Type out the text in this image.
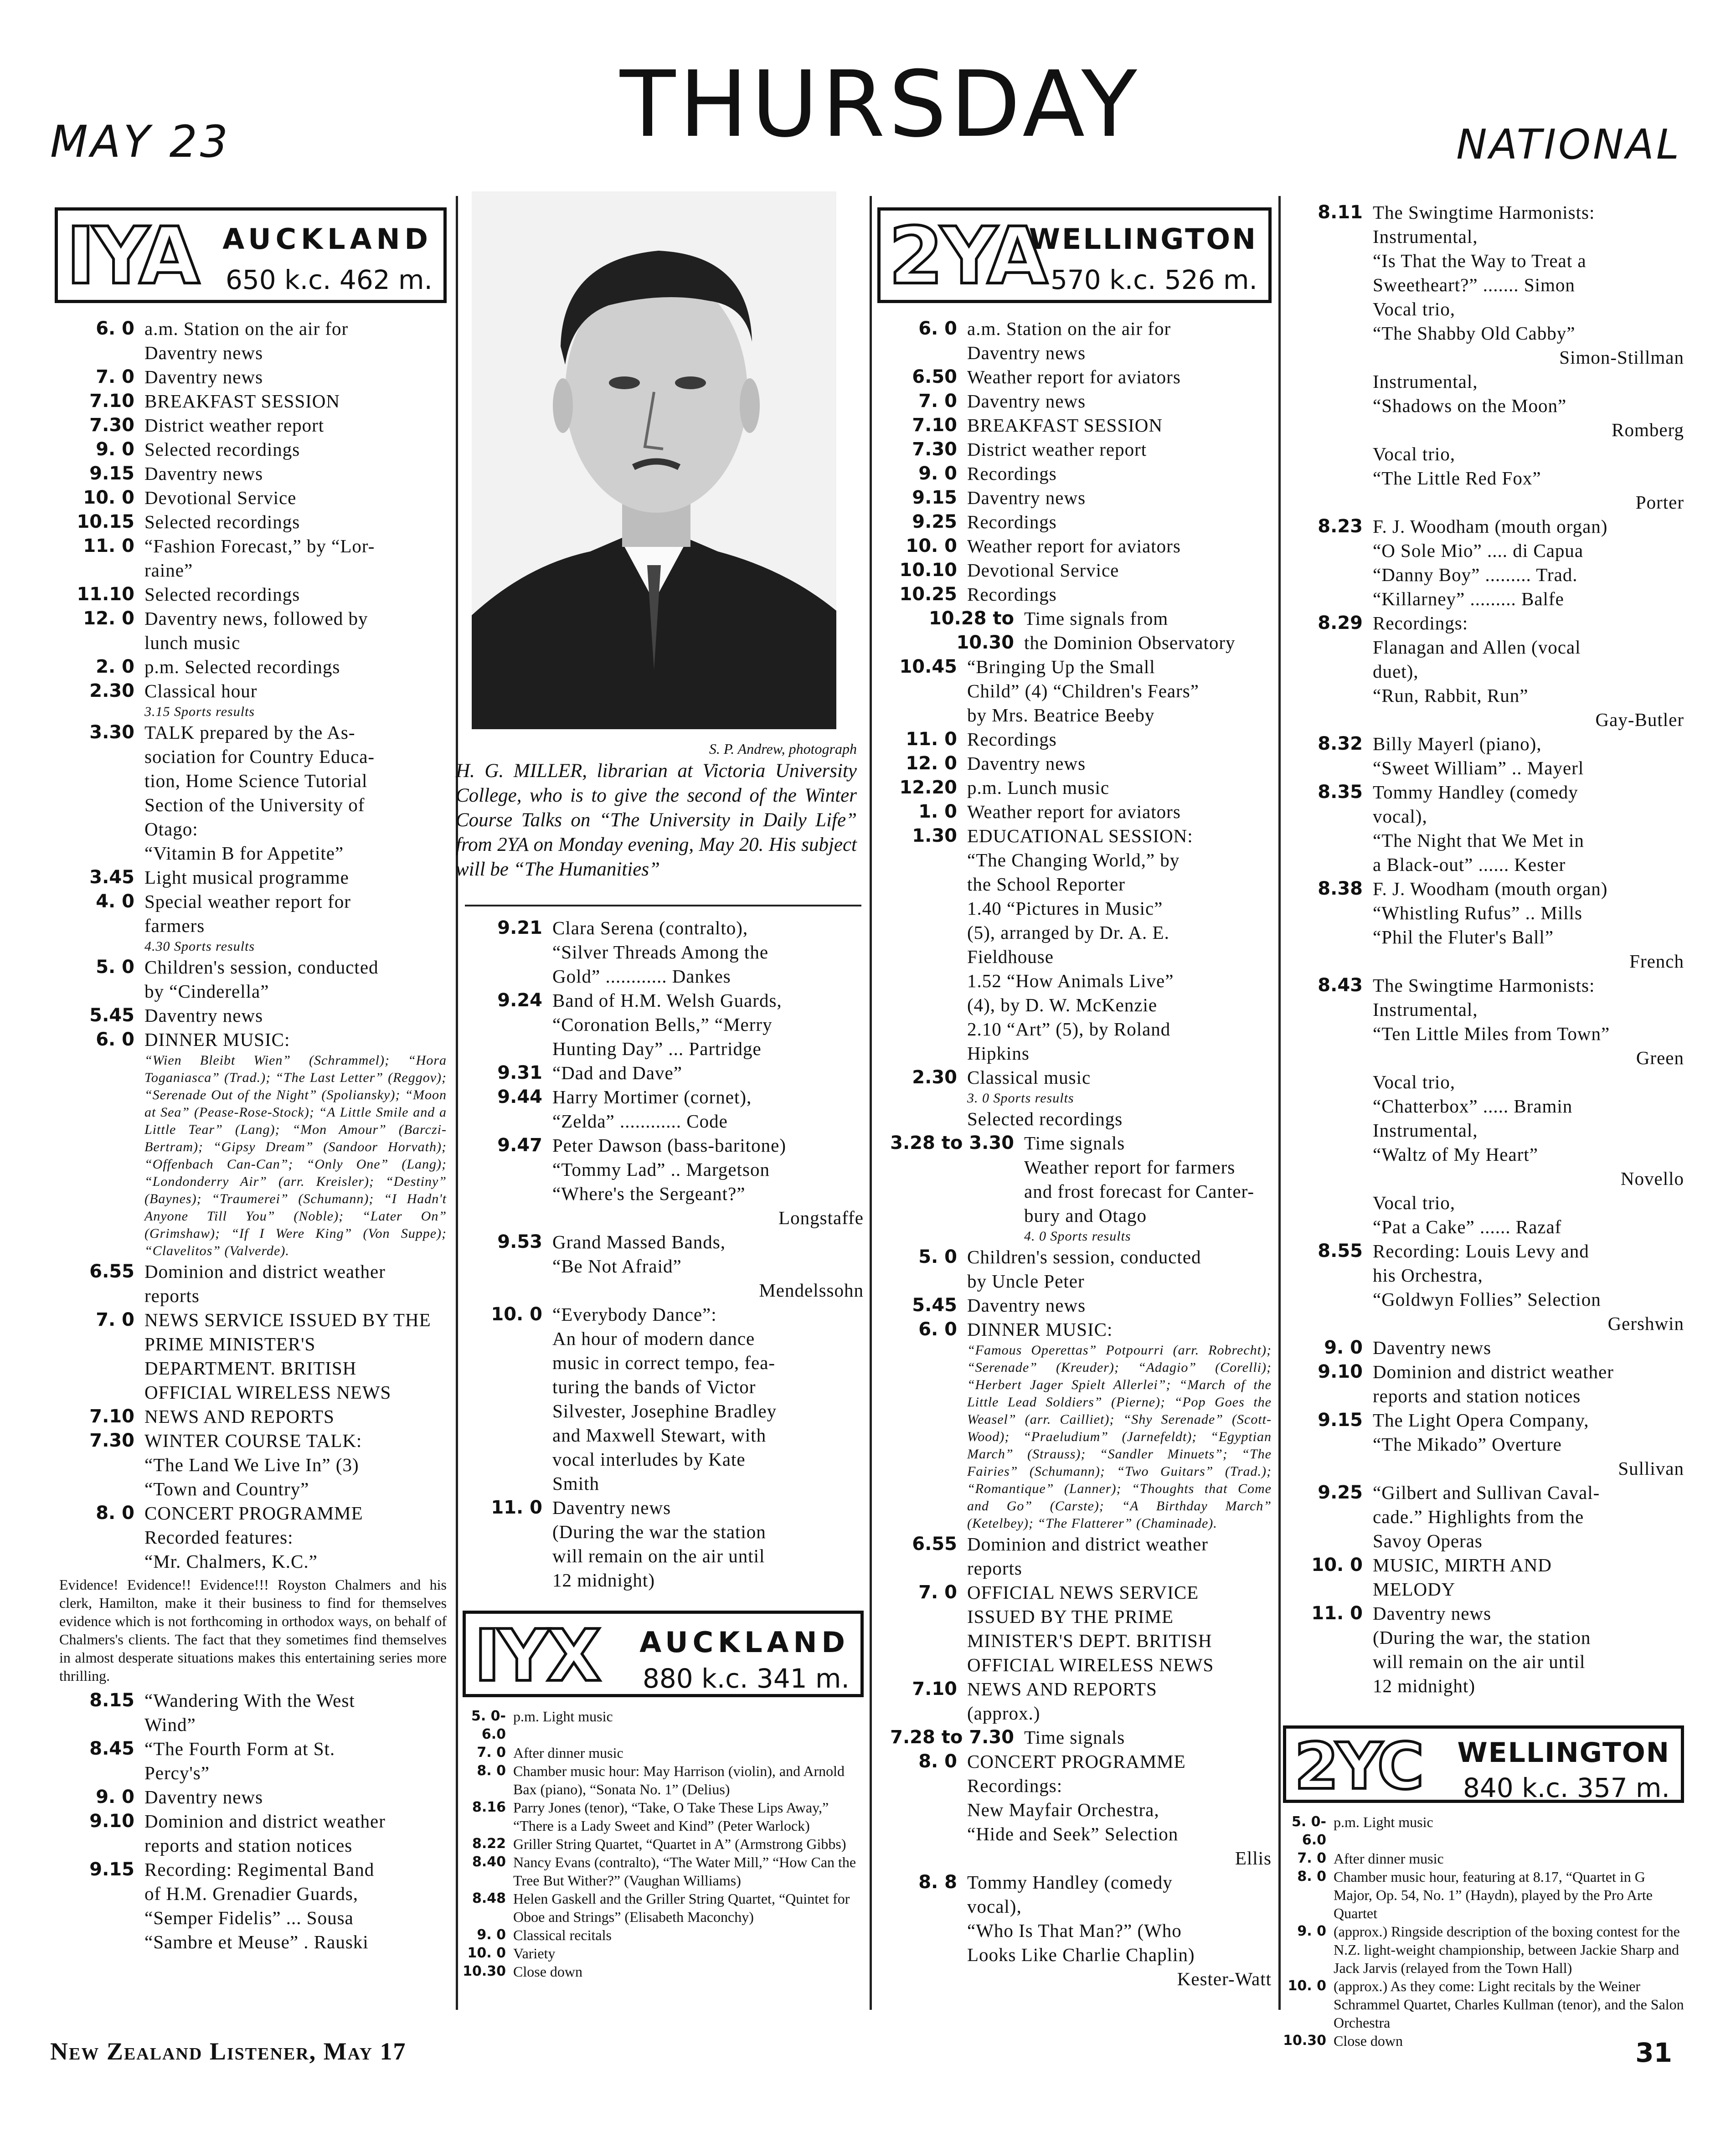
MAY 23	THURSDAY	NATIONAL
IYA AUCKLAND
650 k.c. 462 m.
6. 0 a.m. Station on the air for
Daventry news
7. 0 Daventry news
7.10 BREAKFAST SESSION
7.30 District weather report
9. 0 Selected recordings
9.15 Daventry news
10. 0 Devotional Service
10.15 Selected recordings
11. 0 “Fashion Forecast,” by “Lor-
raine”
11.10 Selected recordings
12. 0 Daventry news, followed by
lunch music
2. 0 p.m. Selected recordings
2.30 Classical hour
3.15 Sports results
3.30 TALK prepared by the As-
sociation for Country Educa-
tion, Home Science Tutorial
Section of the University of
Otago:
“Vitamin B for Appetite”
3.45 Light musical programme
4. 0 Special weather report for
farmers
4.30 Sports results
5. 0 Children's session, conducted
by “Cinderella”
5.45 Daventry news
6. 0 DINNER MUSIC:
“Wien Bleibt Wien” (Schrammel); “Hora Toganiasca” (Trad.); “The Last Letter” (Reggov); “Serenade Out of the Night” (Spoliansky); “Moon at Sea” (Pease-Rose-Stock); “A Little Smile and a Little Tear” (Lang); “Mon Amour” (Barczi-Bertram); “Gipsy Dream” (Sandoor Horvath); “Offenbach Can-Can”; “Only One” (Lang); “Londonderry Air” (arr. Kreisler); “Destiny” (Baynes); “Traumerei” (Schumann); “I Hadn't Anyone Till You” (Noble); “Later On” (Grimshaw); “If I Were King” (Von Suppe); “Clavelitos” (Valverde).
6.55 Dominion and district weather
reports
7. 0 NEWS SERVICE ISSUED BY THE PRIME MINISTER'S DEPARTMENT. BRITISH OFFICIAL WIRELESS NEWS
7.10 NEWS AND REPORTS
7.30 WINTER COURSE TALK:
“The Land We Live In” (3)
“Town and Country”
8. 0 CONCERT PROGRAMME
Recorded features:
“Mr. Chalmers, K.C.”
Evidence! Evidence!! Evidence!!! Royston Chalmers and his clerk, Hamilton, make it their business to find for themselves evidence which is not forthcoming in orthodox ways, on behalf of Chalmers's clients. The fact that they sometimes find themselves in almost desperate situations makes this entertaining series more thrilling.
8.15 “Wandering With the West
Wind”
8.45 “The Fourth Form at St.
Percy's”
9. 0 Daventry news
9.10 Dominion and district weather
reports and station notices
9.15 Recording: Regimental Band
of H.M. Grenadier Guards,
“Semper Fidelis” ... Sousa
“Sambre et Meuse” . Rauski
S. P. Andrew, photograph
H. G. MILLER, librarian at Victoria University College, who is to give the second of the Winter Course Talks on “The University in Daily Life” from 2YA on Monday evening, May 20. His subject will be “The Humanities”
9.21 Clara Serena (contralto),
“Silver Threads Among the
Gold” ............ Dankes
9.24 Band of H.M. Welsh Guards,
“Coronation Bells,” “Merry
Hunting Day” ... Partridge
9.31 “Dad and Dave”
9.44 Harry Mortimer (cornet),
“Zelda” ............ Code
9.47 Peter Dawson (bass-baritone)
“Tommy Lad” .. Margetson
“Where's the Sergeant?”
Longstaffe
9.53 Grand Massed Bands,
“Be Not Afraid”
Mendelssohn
10. 0 “Everybody Dance”:
An hour of modern dance
music in correct tempo, fea-
turing the bands of Victor
Silvester, Josephine Bradley
and Maxwell Stewart, with
vocal interludes by Kate
Smith
11. 0 Daventry news
(During the war the station
will remain on the air until
12 midnight)
IYX AUCKLAND
880 k.c. 341 m.
5. 0-6.0
p.m. Light music
7. 0 After dinner music
8. 0 Chamber music hour: May Harrison (violin), and Arnold Bax (piano), “Sonata No. 1” (Delius)
8.16 Parry Jones (tenor), “Take, O Take These Lips Away,” “There is a Lady Sweet and Kind” (Peter Warlock)
8.22 Griller String Quartet, “Quartet in A” (Armstrong Gibbs)
8.40 Nancy Evans (contralto), “The Water Mill,” “How Can the Tree But Wither?” (Vaughan Williams)
8.48 Helen Gaskell and the Griller String Quartet, “Quintet for Oboe and Strings” (Elisabeth Maconchy)
9. 0 Classical recitals
10. 0 Variety
10.30 Close down
2YA
WELLINGTON
570 k.c. 526 m.
6. 0 a.m. Station on the air for
Daventry news
6.50 Weather report for aviators
7. 0 Daventry news
7.10 BREAKFAST SESSION
7.30 District weather report
9. 0 Recordings
9.15 Daventry news
9.25 Recordings
10. 0 Weather report for aviators
10.10 Devotional Service
10.25 Recordings
10.28 to 10.30
Time signals from
the Dominion Observatory
10.45 “Bringing Up the Small
Child” (4) “Children's Fears”
by Mrs. Beatrice Beeby
11. 0 Recordings
12. 0 Daventry news
12.20 p.m. Lunch music
1. 0 Weather report for aviators
1.30 EDUCATIONAL SESSION:
“The Changing World,” by
the School Reporter
1.40 “Pictures in Music”
(5), arranged by Dr. A. E.
Fieldhouse
1.52 “How Animals Live”
(4), by D. W. McKenzie
2.10 “Art” (5), by Roland
Hipkins
2.30 Classical music
3. 0 Sports results
Selected recordings
3.28 to 3.30 Time signals
Weather report for farmers
and frost forecast for Canter-
bury and Otago
4. 0 Sports results
5. 0 Children's session, conducted
by Uncle Peter
5.45 Daventry news
6. 0 DINNER MUSIC:
“Famous Operettas” Potpourri (arr. Robrecht); “Serenade” (Kreuder); “Adagio” (Corelli); “Herbert Jager Spielt Allerlei”; “March of the Little Lead Soldiers” (Pierne); “Pop Goes the Weasel” (arr. Cailliet); “Shy Serenade” (Scott-Wood); “Praeludium” (Jarnefeldt); “Egyptian March” (Strauss); “Sandler Minuets”; “The Fairies” (Schumann); “Two Guitars” (Trad.); “Romantique” (Lanner); “Thoughts that Come and Go” (Carste); “A Birthday March” (Ketelbey); “The Flatterer” (Chaminade).
6.55 Dominion and district weather
reports
7. 0 OFFICIAL NEWS SERVICE ISSUED BY THE PRIME MINISTER'S DEPT. BRITISH OFFICIAL WIRELESS NEWS
7.10 NEWS AND REPORTS
(approx.)
7.28 to 7.30 Time signals
8. 0 CONCERT PROGRAMME
Recordings:
New Mayfair Orchestra,
“Hide and Seek” Selection
Ellis
8. 8 Tommy Handley (comedy
vocal),
“Who Is That Man?” (Who
Looks Like Charlie Chaplin)
Kester-Watt
8.11 The Swingtime Harmonists:
Instrumental,
“Is That the Way to Treat a
Sweetheart?” ....... Simon
Vocal trio,
“The Shabby Old Cabby”
Simon-Stillman
Instrumental,
“Shadows on the Moon”
Romberg
Vocal trio,
“The Little Red Fox”
Porter
8.23 F. J. Woodham (mouth organ)
“O Sole Mio” .... di Capua
“Danny Boy” ......... Trad.
“Killarney” ......... Balfe
8.29 Recordings:
Flanagan and Allen (vocal
duet),
“Run, Rabbit, Run”
Gay-Butler
8.32 Billy Mayerl (piano),
“Sweet William” .. Mayerl
8.35 Tommy Handley (comedy
vocal),
“The Night that We Met in
a Black-out” ...... Kester
8.38 F. J. Woodham (mouth organ)
“Whistling Rufus” .. Mills
“Phil the Fluter's Ball”
French
8.43 The Swingtime Harmonists:
Instrumental,
“Ten Little Miles from Town”
Green
Vocal trio,
“Chatterbox” ..... Bramin
Instrumental,
“Waltz of My Heart”
Novello
Vocal trio,
“Pat a Cake” ...... Razaf
8.55 Recording: Louis Levy and
his Orchestra,
“Goldwyn Follies” Selection
Gershwin
9. 0 Daventry news
9.10 Dominion and district weather
reports and station notices
9.15 The Light Opera Company,
“The Mikado” Overture
Sullivan
9.25 “Gilbert and Sullivan Caval-
cade.” Highlights from the
Savoy Operas
10. 0 MUSIC, MIRTH AND
MELODY
11. 0 Daventry news
(During the war, the station
will remain on the air until
12 midnight)
2YC WELLINGTON
840 k.c. 357 m.
5. 0-6.0
p.m. Light music
7. 0 After dinner music
8. 0 Chamber music hour, featuring at 8.17, “Quartet in G Major, Op. 54, No. 1” (Haydn), played by the Pro Arte Quartet
9. 0 (approx.) Ringside description of the boxing contest for the N.Z. light-weight championship, between Jackie Sharp and Jack Jarvis (relayed from the Town Hall)
10. 0 (approx.) As they come: Light recitals by the Weiner Schrammel Quartet, Charles Kullman (tenor), and the Salon Orchestra
10.30 Close down
New Zealand Listener, May 17	31
